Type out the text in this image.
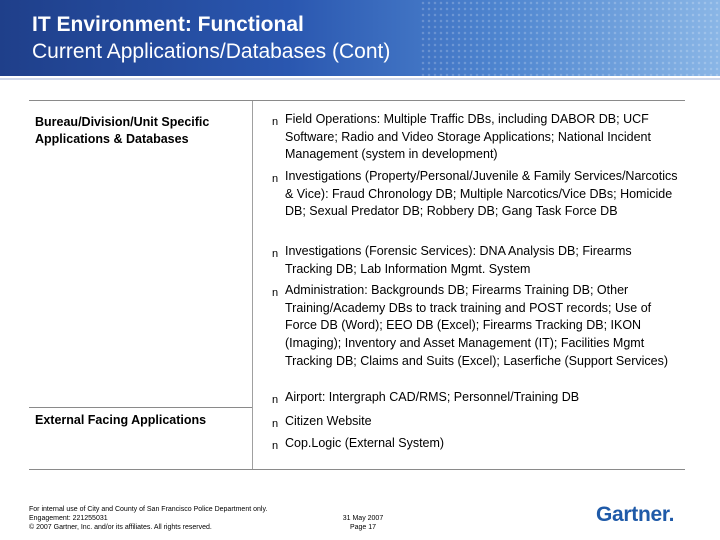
IT Environment: Functional
Current Applications/Databases (Cont)
Bureau/Division/Unit Specific Applications & Databases
External Facing Applications
n Field Operations: Multiple Traffic DBs, including DABOR DB; UCF Software; Radio and Video Storage Applications; National Incident Management (system in development)
n Investigations (Property/Personal/Juvenile & Family Services/Narcotics & Vice): Fraud Chronology DB; Multiple Narcotics/Vice DBs; Homicide DB; Sexual Predator DB; Robbery DB; Gang Task Force DB
n Investigations (Forensic Services): DNA Analysis DB; Firearms Tracking DB; Lab Information Mgmt. System
n Administration: Backgrounds DB; Firearms Training DB; Other Training/Academy DBs to track training and POST records; Use of Force DB (Word); EEO DB (Excel); Firearms Tracking DB; IKON (Imaging); Inventory and Asset Management (IT); Facilities Mgmt Tracking DB; Claims and Suits (Excel); Laserfiche (Support Services)
n Airport: Intergraph CAD/RMS; Personnel/Training DB
n Citizen Website
n Cop.Logic (External System)
For internal use of City and County of San Francisco Police Department only.
Engagement: 221255031
© 2007 Gartner, Inc. and/or its affiliates. All rights reserved.
31 May 2007
Page 17
Gartner.
